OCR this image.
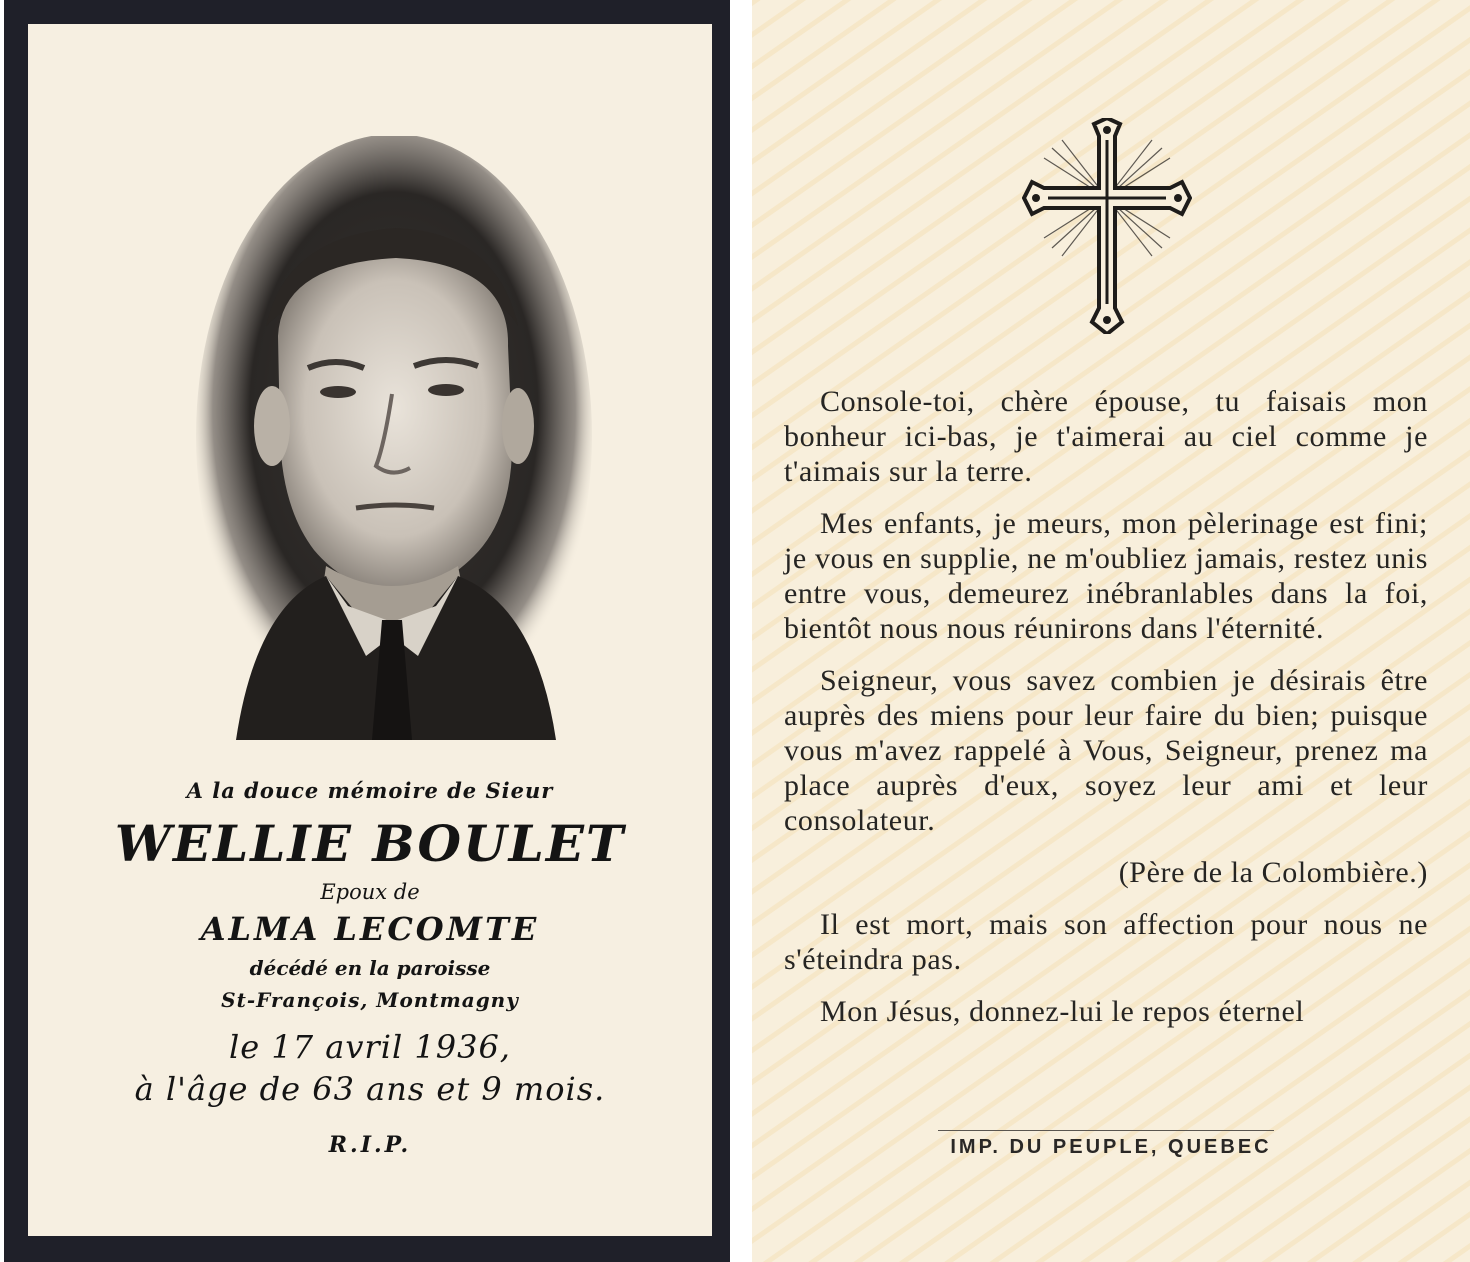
A la douce mémoire de Sieur
WELLIE BOULET
Epoux de
ALMA LECOMTE
décédé en la paroisse
St-François, Montmagny
le 17 avril 1936,
à l'âge de 63 ans et 9 mois.
R.I.P.

Console-toi, chère épouse, tu faisais mon bonheur ici-bas, je t'aimerai au ciel comme je t'aimais sur la terre.

Mes enfants, je meurs, mon pèlerinage est fini; je vous en supplie, ne m'oubliez jamais, restez unis entre vous, demeurez inébranlables dans la foi, bientôt nous nous réunirons dans l'éternité.

Seigneur, vous savez combien je désirais être auprès des miens pour leur faire du bien; puisque vous m'avez rappelé à Vous, Seigneur, prenez ma place auprès d'eux, soyez leur ami et leur consolateur.

(Père de la Colombière.)

Il est mort, mais son affection pour nous ne s'éteindra pas.

Mon Jésus, donnez-lui le repos éternel

IMP. DU PEUPLE, QUEBEC
